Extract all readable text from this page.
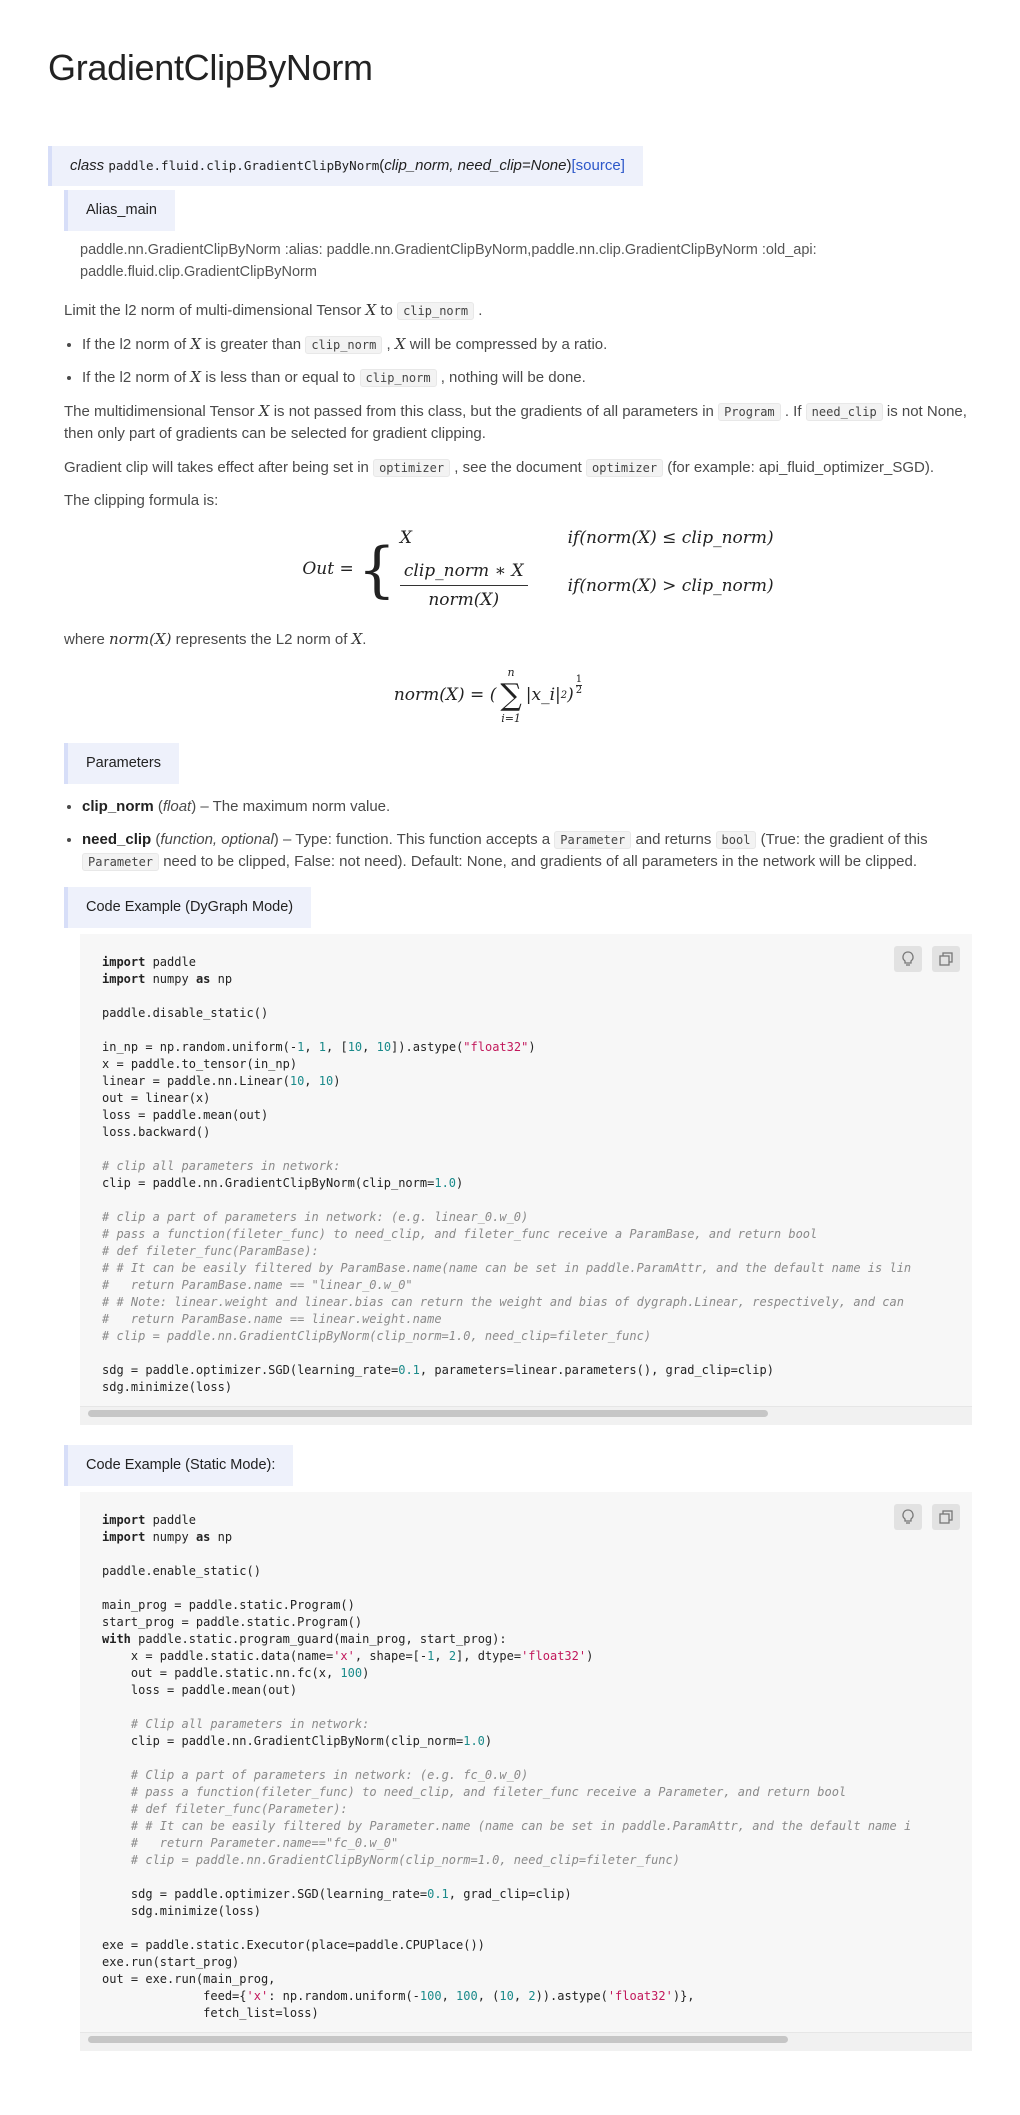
GradientClipByNorm
class paddle.fluid.clip.GradientClipByNorm(clip_norm, need_clip=None)[source]
Alias_main
paddle.nn.GradientClipByNorm :alias: paddle.nn.GradientClipByNorm,paddle.nn.clip.GradientClipByNorm :old_api: paddle.fluid.clip.GradientClipByNorm

Limit the l2 norm of multi-dimensional Tensor X to clip_norm .

• If the l2 norm of X is greater than clip_norm , X will be compressed by a ratio.
• If the l2 norm of X is less than or equal to clip_norm , nothing will be done.

The multidimensional Tensor X is not passed from this class, but the gradients of all parameters in Program . If need_clip is not None, then only part of gradients can be selected for gradient clipping.

Gradient clip will takes effect after being set in optimizer , see the document optimizer (for example: api_fluid_optimizer_SGD).

The clipping formula is:

Out
= { X	if(norm(X) ≤ clip_norm)
$\frac{\text{clip\_norm ∗ X}}{\text{norm(X)}}$ if(norm(X) > clip_norm)

where norm(X) represents the L2 norm of X.

norm(X) = (
n
∑
i=1
|x_i| 2 )
1
2
Parameters
• clip_norm (float) – The maximum norm value.
• need_clip (function, optional) – Type: function. This function accepts a Parameter and returns bool (True: the gradient of this Parameter need to be clipped, False: not need). Default: None, and gradients of all parameters in the network will be clipped.
Code Example (DyGraph Mode)
import paddle
import numpy as np

paddle.disable_static()

in_np = np.random.uniform(-1, 1, [10, 10]).astype("float32")
x = paddle.to_tensor(in_np)
linear = paddle.nn.Linear(10, 10)
out = linear(x)
loss = paddle.mean(out)
loss.backward()

# clip all parameters in network:
clip = paddle.nn.GradientClipByNorm(clip_norm=1.0)

# clip a part of parameters in network: (e.g. linear_0.w_0)
# pass a function(fileter_func) to need_clip, and fileter_func receive a ParamBase, and return bool
# def fileter_func(ParamBase):
# # It can be easily filtered by ParamBase.name(name can be set in paddle.ParamAttr, and the default name is lin
#   return ParamBase.name == "linear_0.w_0"
# # Note: linear.weight and linear.bias can return the weight and bias of dygraph.Linear, respectively, and can
#   return ParamBase.name == linear.weight.name
# clip = paddle.nn.GradientClipByNorm(clip_norm=1.0, need_clip=fileter_func)

sdg = paddle.optimizer.SGD(learning_rate=0.1, parameters=linear.parameters(), grad_clip=clip)
sdg.minimize(loss)
Code Example (Static Mode):
import paddle
import numpy as np

paddle.enable_static()

main_prog = paddle.static.Program()
start_prog = paddle.static.Program()
with paddle.static.program_guard(main_prog, start_prog):
x = paddle.static.data(name='x', shape=[-1, 2], dtype='float32')
out = paddle.static.nn.fc(x, 100)
loss = paddle.mean(out)

# Clip all parameters in network:
clip = paddle.nn.GradientClipByNorm(clip_norm=1.0)

# Clip a part of parameters in network: (e.g. fc_0.w_0)
# pass a function(fileter_func) to need_clip, and fileter_func receive a Parameter, and return bool
# def fileter_func(Parameter):
# # It can be easily filtered by Parameter.name (name can be set in paddle.ParamAttr, and the default name i
#   return Parameter.name=="fc_0.w_0"
# clip = paddle.nn.GradientClipByNorm(clip_norm=1.0, need_clip=fileter_func)

sdg = paddle.optimizer.SGD(learning_rate=0.1, grad_clip=clip)
sdg.minimize(loss)

exe = paddle.static.Executor(place=paddle.CPUPlace())
exe.run(start_prog)
out = exe.run(main_prog,
feed={'x': np.random.uniform(-100, 100, (10, 2)).astype('float32')},
fetch_list=loss)
